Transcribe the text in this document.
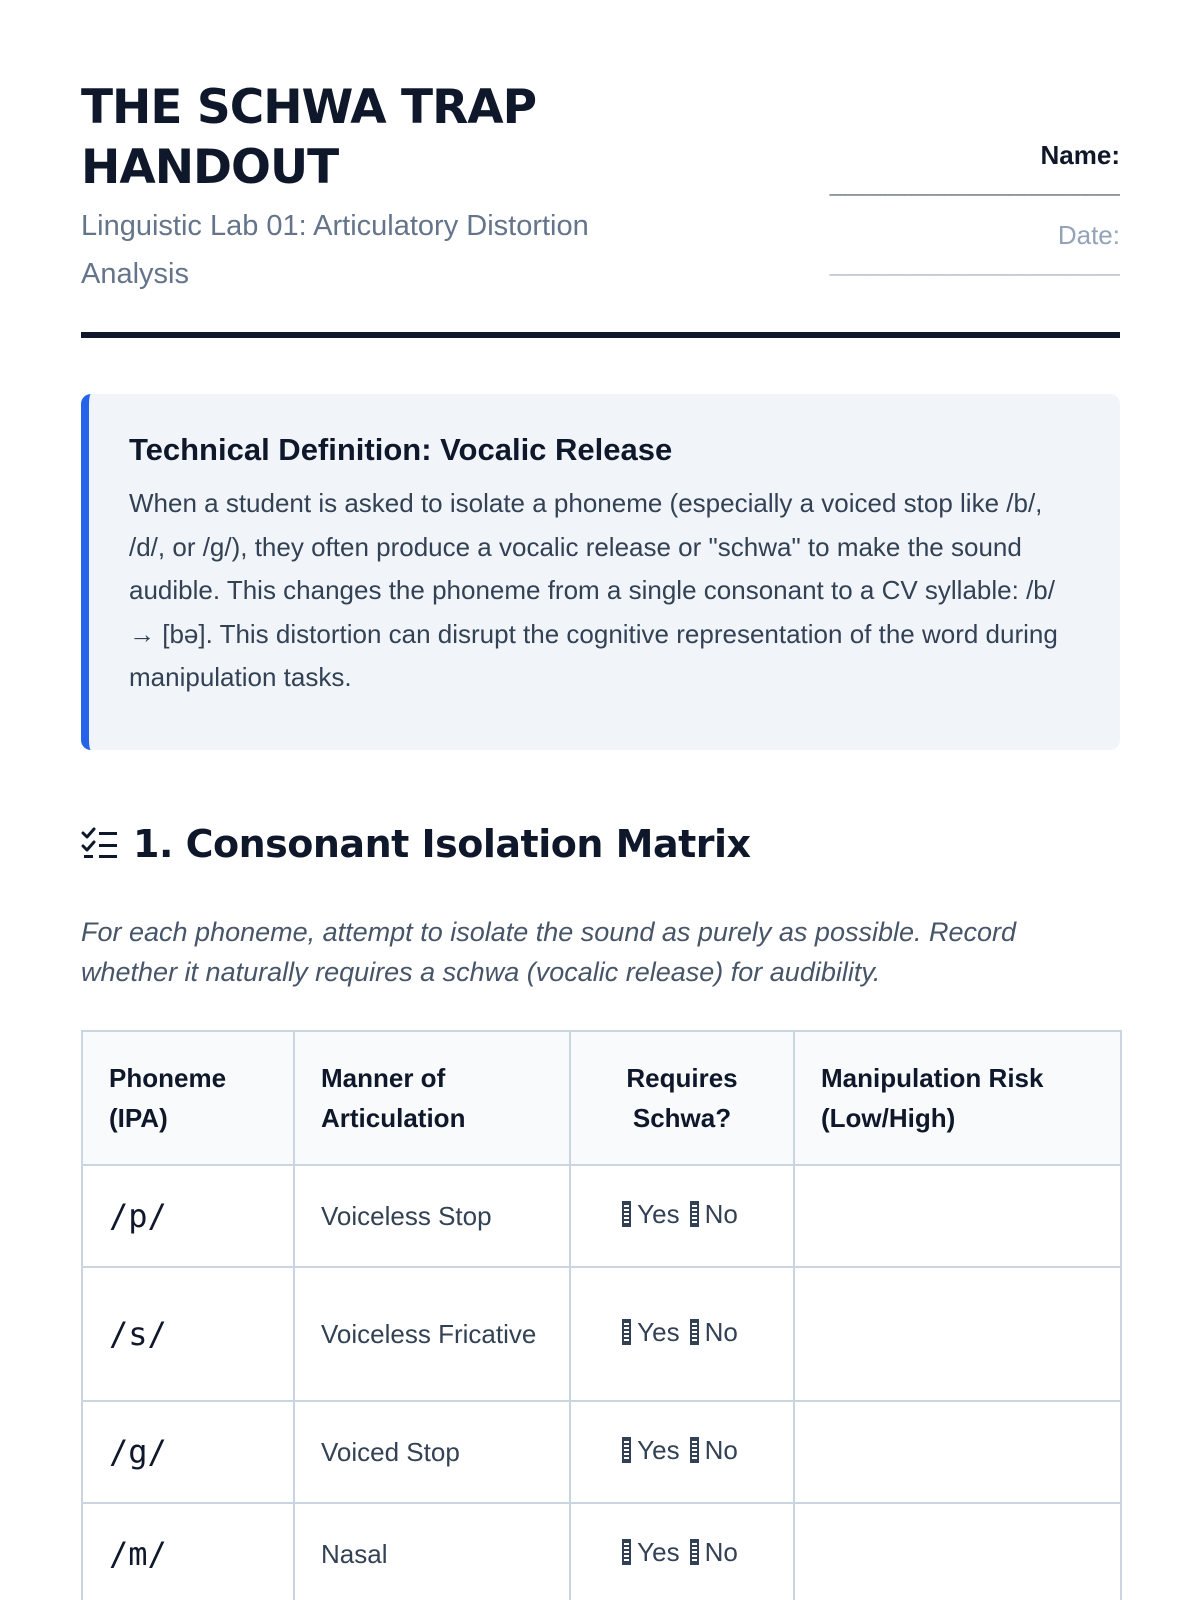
THE SCHWA TRAP HANDOUT
Linguistic Lab 01: Articulatory Distortion Analysis
Name:
______________________
Date:
______________________
Technical Definition: Vocalic Release

When a student is asked to isolate a phoneme (especially a voiced stop like /b/, /d/, or /g/), they often produce a vocalic release or "schwa" to make the sound audible. This changes the phoneme from a single consonant to a CV syllable: /b/ → [bə]. This distortion can disrupt the cognitive representation of the word during manipulation tasks.

1. Consonant Isolation Matrix

For each phoneme, attempt to isolate the sound as purely as possible. Record whether it naturally requires a schwa (vocalic release) for audibility.

Phoneme (IPA)	Manner of Articulation	Requires Schwa?	Manipulation Risk (Low/High)
/p/	Voiceless Stop	Yes No	

/s/	Voiceless Fricative	Yes No	

/g/	Voiced Stop	Yes No	

/m/	Nasal	Yes No	
